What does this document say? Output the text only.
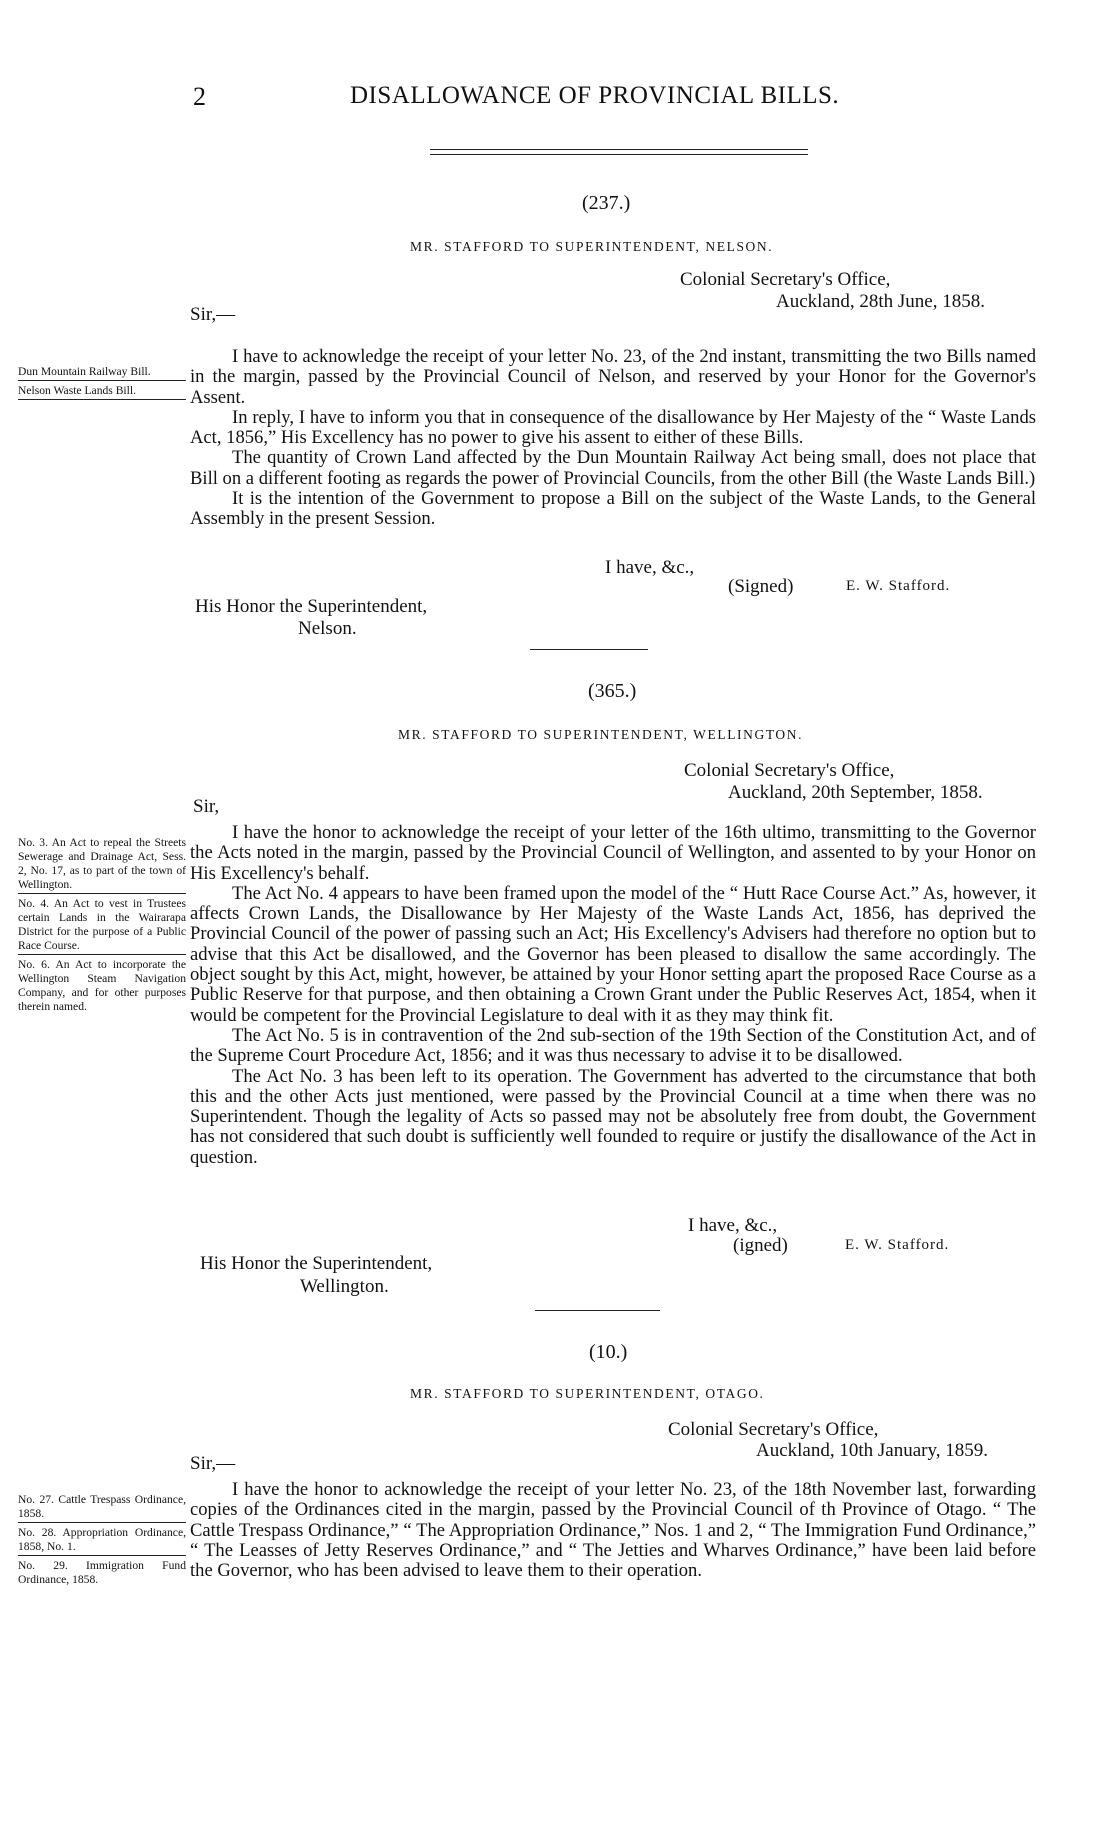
2	DISALLOWANCE OF PROVINCIAL BILLS.
(237.)
MR. STAFFORD TO SUPERINTENDENT, NELSON.
Colonial Secretary's Office,
Auckland, 28th June, 1858.
Sir,—
Dun Mountain Railway Bill.
Nelson Waste Lands Bill.

I have to acknowledge the receipt of your letter No. 23, of the 2nd instant, transmitting the two Bills named in the margin, passed by the Provincial Council of Nelson, and reserved by your Honor for the Governor's Assent.

In reply, I have to inform you that in consequence of the disallowance by Her Majesty of the “ Waste Lands Act, 1856,” His Excellency has no power to give his assent to either of these Bills.

The quantity of Crown Land affected by the Dun Mountain Railway Act being small, does not place that Bill on a different footing as regards the power of Provincial Councils, from the other Bill (the Waste Lands Bill.)

It is the intention of the Government to propose a Bill on the subject of the Waste Lands, to the General Assembly in the present Session.

I have, &c.,
(Signed)	E. W. Stafford.
His Honor the Superintendent,
Nelson.
(365.)
MR. STAFFORD TO SUPERINTENDENT, WELLINGTON.
Colonial Secretary's Office,
Auckland, 20th September, 1858.
Sir,
No. 3. An Act to repeal the Streets Sewerage and Drainage Act, Sess. 2, No. 17, as to part of the town of Wellington.
No. 4. An Act to vest in Trustees certain Lands in the Wairarapa District for the purpose of a Public Race Course.
No. 6. An Act to incorporate the Wellington Steam Navigation Company, and for other purposes therein named.

I have the honor to acknowledge the receipt of your letter of the 16th ultimo, transmitting to the Governor the Acts noted in the margin, passed by the Provincial Council of Wellington, and assented to by your Honor on His Excellency's behalf.

The Act No. 4 appears to have been framed upon the model of the “ Hutt Race Course Act.” As, however, it affects Crown Lands, the Disallowance by Her Majesty of the Waste Lands Act, 1856, has deprived the Provincial Council of the power of passing such an Act; His Excellency's Advisers had therefore no option but to advise that this Act be disallowed, and the Governor has been pleased to disallow the same accordingly. The object sought by this Act, might, however, be attained by your Honor setting apart the proposed Race Course as a Public Reserve for that purpose, and then obtaining a Crown Grant under the Public Reserves Act, 1854, when it would be competent for the Provincial Legislature to deal with it as they may think fit.

The Act No. 5 is in contravention of the 2nd sub-section of the 19th Section of the Constitution Act, and of the Supreme Court Procedure Act, 1856; and it was thus necessary to advise it to be disallowed.

The Act No. 3 has been left to its operation. The Government has adverted to the circumstance that both this and the other Acts just mentioned, were passed by the Provincial Council at a time when there was no Superintendent. Though the legality of Acts so passed may not be absolutely free from doubt, the Government has not considered that such doubt is sufficiently well founded to require or justify the disallowance of the Act in question.

I have, &c.,
(igned)	E. W. Stafford.
His Honor the Superintendent,
Wellington.
(10.)
MR. STAFFORD TO SUPERINTENDENT, OTAGO.
Colonial Secretary's Office,
Auckland, 10th January, 1859.
Sir,—
No. 27. Cattle Trespass Ordinance, 1858.
No. 28. Appropriation Ordinance, 1858, No. 1.
No. 29. Immigration Fund Ordinance, 1858.

I have the honor to acknowledge the receipt of your letter No. 23, of the 18th November last, forwarding copies of the Ordinances cited in the margin, passed by the Provincial Council of th Province of Otago. “ The Cattle Trespass Ordinance,” “ The Appropriation Ordinance,” Nos. 1 and 2, “ The Immigration Fund Ordinance,” “ The Leasses of Jetty Reserves Ordinance,” and “ The Jetties and Wharves Ordinance,” have been laid before the Governor, who has been advised to leave them to their operation.
